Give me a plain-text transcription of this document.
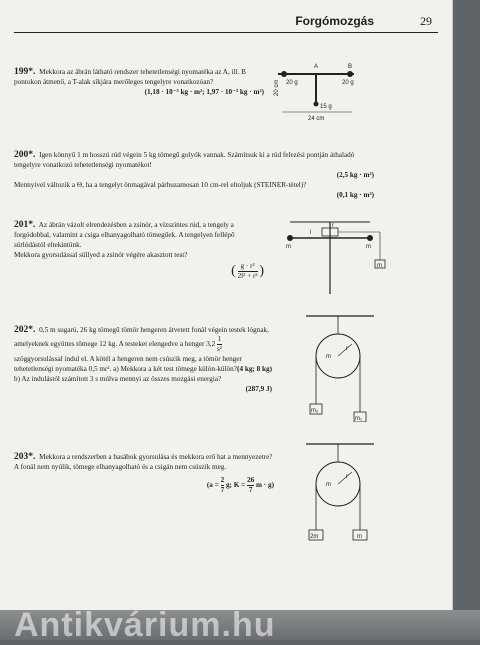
Forgómozgás	29
199*. Mekkora az ábrán látható rendszer tehetetlenségi nyomatéka az A, ill. B pontokon átmenő, a T-alak síkjára merőleges tengelyre vonatkozóan?
(1,18 · 10⁻³ kg · m²; 1,97 · 10⁻³ kg · m²)
A	B
20 g	20 g
15 g
20 cm
24 cm
200*. Igen könnyű 1 m hosszú rúd végein 5 kg tömegű golyók vannak. Számítsuk ki a rúd felezési pontján áthaladó tengelyre vonatkozó tehetetlenségi nyomatékot!
(2,5 kg · m²)
Mennyivel változik a Θ, ha a tengelyt önmagával párhuzamosan 10 cm-rel eltoljuk (STEINER-tétel)?
(0,1 kg · m²)
201*. Az ábrán vázolt elrendezésben a zsinór, a vízszintes rúd, a tengely a forgódobbal, valamint a csiga elhanyagolható tömegűek. A tengelyen fellépő súrlódástól eltekintünk.
Mekkora gyorsulással süllyed a zsinór végére akasztott test?
( $\frac{\text{g · r²}}{\text{2l² + r²}}$ )
m	m
l
r
m
202*. 0,5 m sugarú, 26 kg tömegű tömör hengeren átvetett fonál végein testek lógnak, amelyeknek együttes tömege 12 kg. A testeket elengedve a henger $3,2 \frac{1}{\text{s²}}$
szöggyorsulással indul el. A kötél a hengeren nem csúszik meg, a tömör henger tehetetlenségi nyomatéka 0,5 mr². a) Mekkora a két test tömege külön-külön? (4 kg; 8 kg)
b) Az indulástól számított 3 s múlva mennyi az összes mozgási energia?
(287,9 J)
m
r
m₂
m₁
203*. Mekkora a rendszerben a hasábok gyorsulása és mekkora erő hat a mennyezetre? A fonál nem nyúlik, tömege elhanyagolható és a csigán nem csúszik meg.
($a = \frac{2}{7} g$; $K = \frac{26}{7}$ m · g)	m
r
2m	m
Antikvárium.hu
